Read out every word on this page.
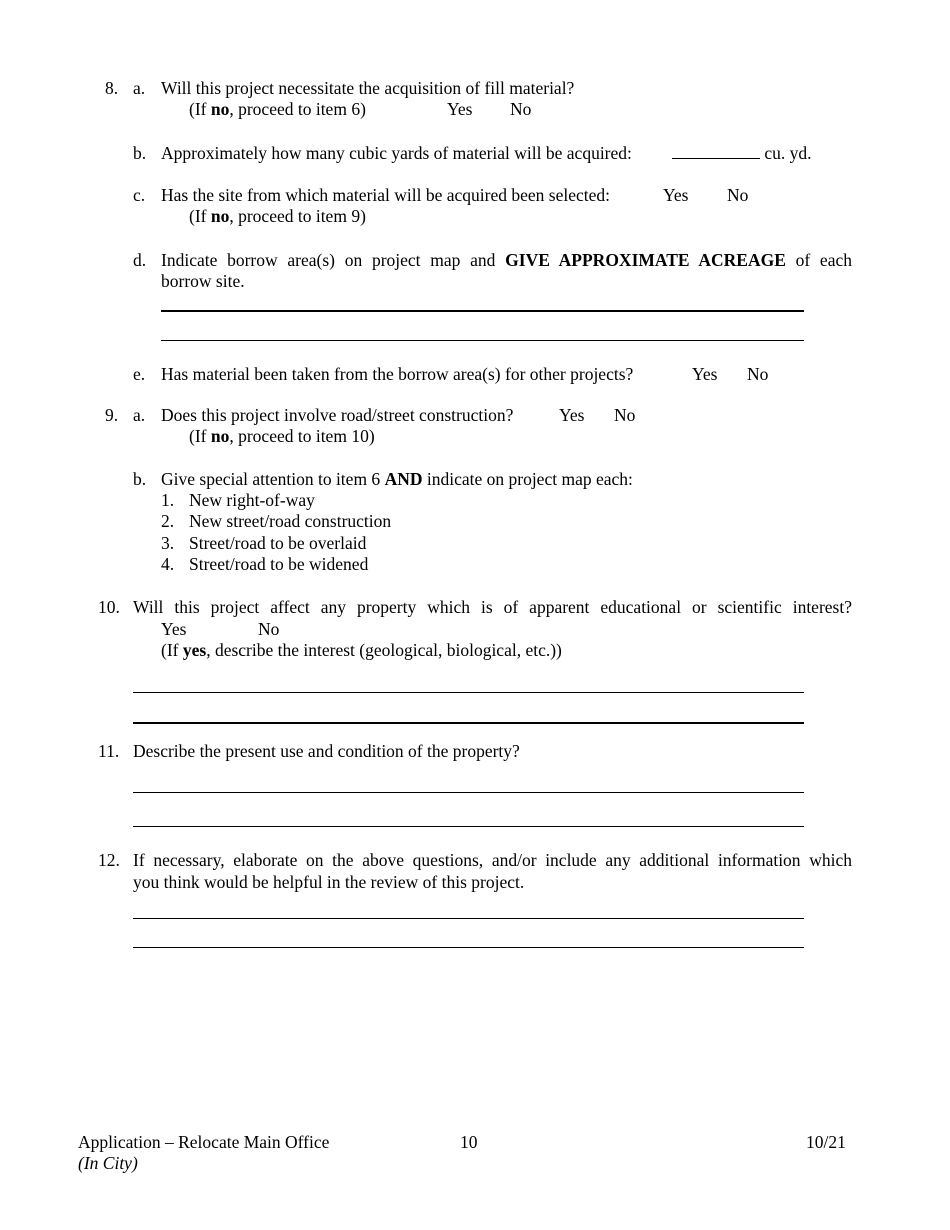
8. a. Will this project necessitate the acquisition of fill material?
(If no, proceed to item 6)	Yes No
b. Approximately how many cubic yards of material will be acquired:	cu. yd.
c. Has the site from which material will be acquired been selected:	Yes No
(If no, proceed to item 9)
d. Indicate borrow area(s) on project map and GIVE APPROXIMATE ACREAGE of each
borrow site.
e. Has material been taken from the borrow area(s) for other projects?	Yes No
9. a. Does this project involve road/street construction?	Yes No
(If no, proceed to item 10)
b. Give special attention to item 6 AND indicate on project map each:
1. New right-of-way
2. New street/road construction
3. Street/road to be overlaid
4. Street/road to be widened
10. Will this project affect any property which is of apparent educational or scientific interest?
Yes	No
(If yes, describe the interest (geological, biological, etc.))
11. Describe the present use and condition of the property?
12. If necessary, elaborate on the above questions, and/or include any additional information which
you think would be helpful in the review of this project.
Application – Relocate Main Office
(In City)
10	10/21
